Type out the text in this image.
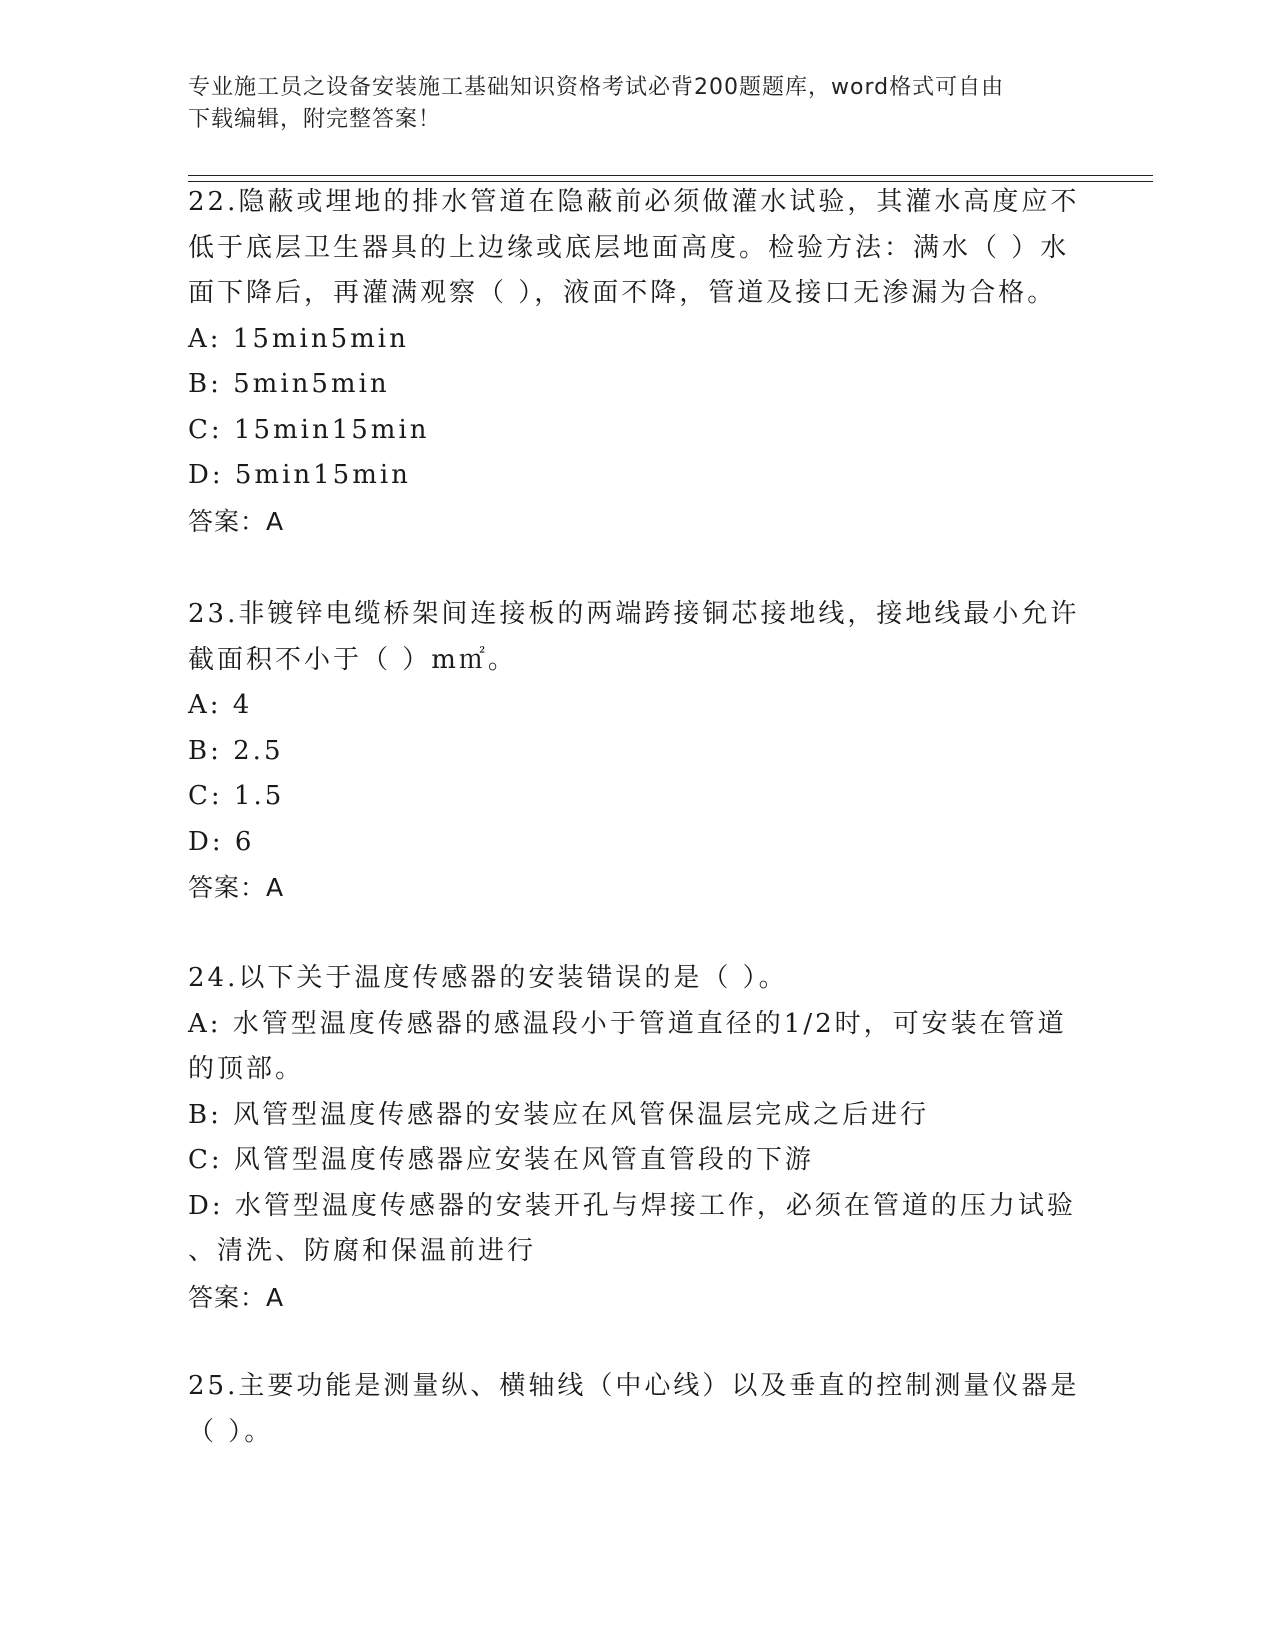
专业施工员之设备安装施工基础知识资格考试必背200题题库，word格式可自由
下载编辑，附完整答案！
22.隐蔽或埋地的排水管道在隐蔽前必须做灌水试验，其灌水高度应不
低于底层卫生器具的上边缘或底层地面高度。检验方法：满水（ ）水
面下降后，再灌满观察（ ），液面不降，管道及接口无渗漏为合格。
A: 15min5min
B: 5min5min
C: 15min15min
D: 5min15min
答案：A
23.非镀锌电缆桥架间连接板的两端跨接铜芯接地线，接地线最小允许
截面积不小于（ ）m㎡。
A: 4
B: 2.5
C: 1.5
D: 6
答案：A
24.以下关于温度传感器的安装错误的是（ ）。
A: 水管型温度传感器的感温段小于管道直径的1/2时，可安装在管道
的顶部。
B: 风管型温度传感器的安装应在风管保温层完成之后进行
C: 风管型温度传感器应安装在风管直管段的下游
D: 水管型温度传感器的安装开孔与焊接工作，必须在管道的压力试验
、清洗、防腐和保温前进行
答案：A
25.主要功能是测量纵、横轴线（中心线）以及垂直的控制测量仪器是
（ ）。
